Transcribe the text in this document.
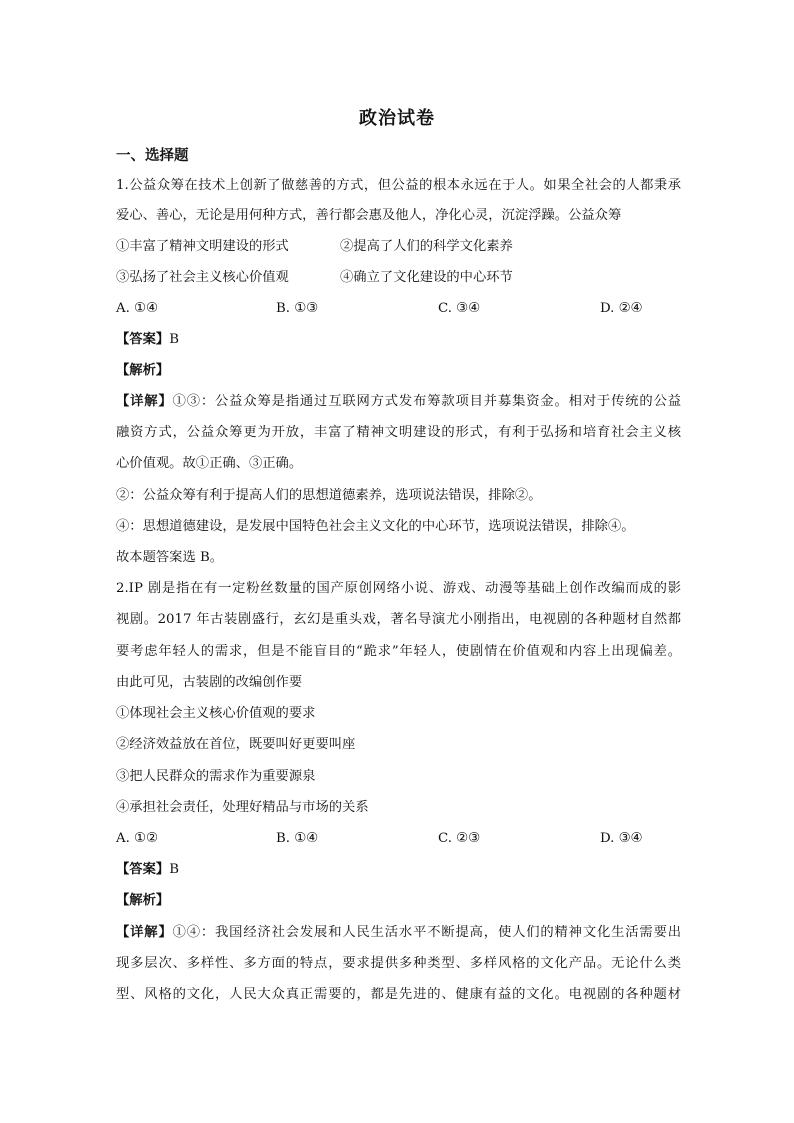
政治试卷
一、选择题
1.公益众筹在技术上创新了做慈善的方式，但公益的根本永远在于人。如果全社会的人都秉承
爱心、善心，无论是用何种方式，善行都会惠及他人，净化心灵，沉淀浮躁。公益众筹
①丰富了精神文明建设的形式	②提高了人们的科学文化素养
③弘扬了社会主义核心价值观	④确立了文化建设的中心环节
A. ①④	B. ①③	C. ③④	D. ②④
【答案】B
【解析】
【详解】①③：公益众筹是指通过互联网方式发布筹款项目并募集资金。相对于传统的公益
融资方式，公益众筹更为开放，丰富了精神文明建设的形式，有利于弘扬和培育社会主义核
心价值观。故①正确、③正确。
②：公益众筹有利于提高人们的思想道德素养，选项说法错误，排除②。
④：思想道德建设，是发展中国特色社会主义文化的中心环节，选项说法错误，排除④。
故本题答案选 B。
2.IP 剧是指在有一定粉丝数量的国产原创网络小说、游戏、动漫等基础上创作改编而成的影
视剧。2017 年古装剧盛行，玄幻是重头戏，著名导演尤小刚指出，电视剧的各种题材自然都
要考虑年轻人的需求，但是不能盲目的“跪求”年轻人，使剧情在价值观和内容上出现偏差。
由此可见，古装剧的改编创作要
①体现社会主义核心价值观的要求
②经济效益放在首位，既要叫好更要叫座
③把人民群众的需求作为重要源泉
④承担社会责任，处理好精品与市场的关系
A. ①②	B. ①④	C. ②③	D. ③④
【答案】B
【解析】
【详解】①④：我国经济社会发展和人民生活水平不断提高，使人们的精神文化生活需要出
现多层次、多样性、多方面的特点，要求提供多种类型、多样风格的文化产品。无论什么类
型、风格的文化，人民大众真正需要的，都是先进的、健康有益的文化。电视剧的各种题材
